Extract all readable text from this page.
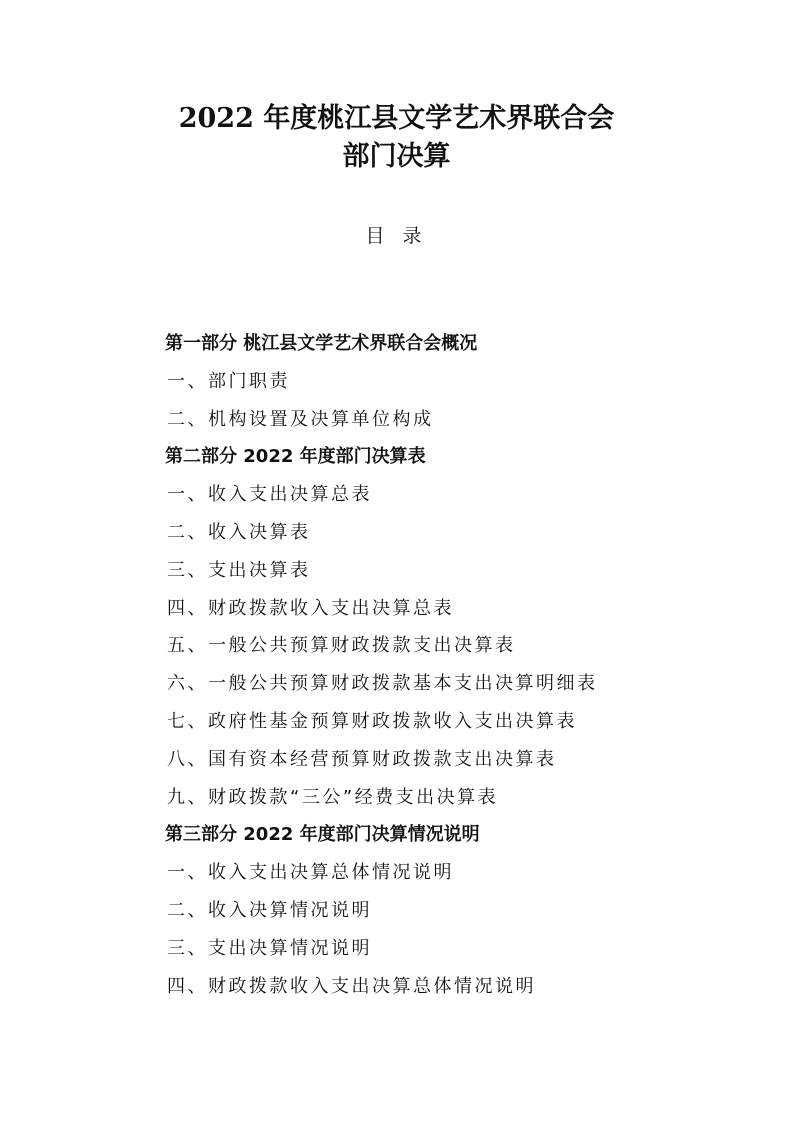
2022 年度桃江县文学艺术界联合会
部门决算
目 录
第一部分 桃江县文学艺术界联合会概况
一、部门职责
二、机构设置及决算单位构成
第二部分 2022 年度部门决算表
一、收入支出决算总表
二、收入决算表
三、支出决算表
四、财政拨款收入支出决算总表
五、一般公共预算财政拨款支出决算表
六、一般公共预算财政拨款基本支出决算明细表
七、政府性基金预算财政拨款收入支出决算表
八、国有资本经营预算财政拨款支出决算表
九、财政拨款“三公”经费支出决算表
第三部分 2022 年度部门决算情况说明
一、收入支出决算总体情况说明
二、收入决算情况说明
三、支出决算情况说明
四、财政拨款收入支出决算总体情况说明
